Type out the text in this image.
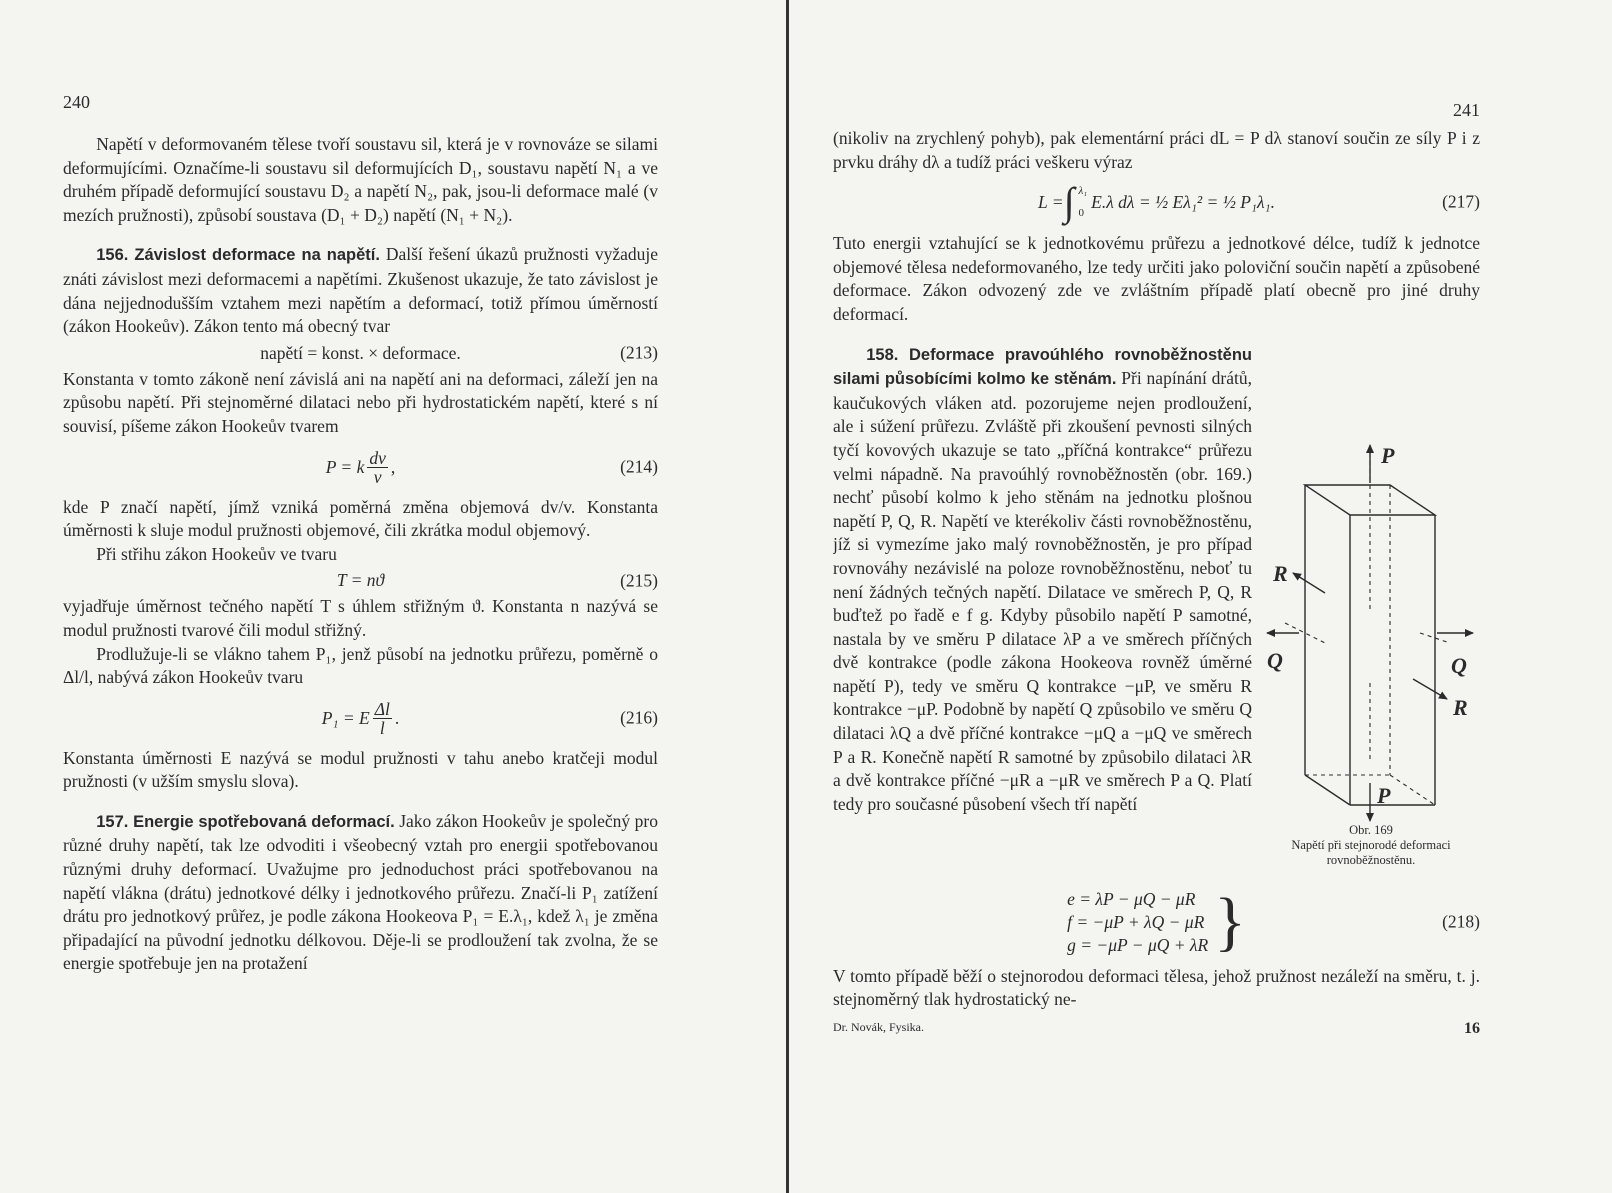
240

Napětí v deformovaném tělese tvoří soustavu sil, která je v rovnováze se silami deformujícími. Označíme-li soustavu sil deformujících D₁, soustavu napětí N₁ a ve druhém případě deformující soustavu D₂ a napětí N₂, pak, jsou-li deformace malé (v mezích pružnosti), způsobí soustava (D₁ + D₂) napětí (N₁ + N₂).

156. Závislost deformace na napětí. Další řešení úkazů pružnosti vyžaduje znáti závislost mezi deformacemi a napětími. Zkušenost ukazuje, že tato závislost je dána nejjednodušším vztahem mezi napětím a deformací, totiž přímou úměrností (zákon Hookeův). Zákon tento má obecný tvar

napětí = konst. × deformace.	(213)

Konstanta v tomto zákoně není závislá ani na napětí ani na deformaci, záleží jen na způsobu napětí. Při stejnoměrné dilataci nebo při hydrostatickém napětí, které s ní souvisí, píšeme zákon Hookeův tvarem

P = k $\frac{dv}{v}$ ,	(214)

kde P značí napětí, jímž vzniká poměrná změna objemová dv/v. Konstanta úměrnosti k sluje modul pružnosti objemové, čili zkrátka modul objemový.

Při střihu zákon Hookeův ve tvaru

T = nϑ	(215)

vyjadřuje úměrnost tečného napětí T s úhlem střižným ϑ. Konstanta n nazývá se modul pružnosti tvarové čili modul střižný.

Prodlužuje-li se vlákno tahem P₁, jenž působí na jednotku průřezu, poměrně o Δl/l, nabývá zákon Hookeův tvaru

P₁ = E $\frac{\Delta l}{l}$ .	(216)

Konstanta úměrnosti E nazývá se modul pružnosti v tahu anebo kratčeji modul pružnosti (v užším smyslu slova).

157. Energie spotřebovaná deformací. Jako zákon Hookeův je společný pro různé druhy napětí, tak lze odvoditi i všeobecný vztah pro energii spotřebovanou různými druhy deformací. Uvažujme pro jednoduchost práci spotřebovanou na napětí vlákna (drátu) jednotkové délky i jednotkového průřezu. Značí-li P₁ zatížení drátu pro jednotkový průřez, je podle zákona Hookeova P₁ = E.λ₁, kdež λ₁ je změna připadající na původní jednotku délkovou. Děje-li se prodloužení tak zvolna, že se energie spotřebuje jen na protažení

241

(nikoliv na zrychlený pohyb), pak elementární práci dL = P dλ stanoví součin ze síly P i z prvku dráhy dλ a tudíž práci veškeru výraz

L = ∫ λ₁
0
E.λ dλ = ½ Eλ₁² = ½ P₁λ₁.	(217)

Tuto energii vztahující se k jednotkovému průřezu a jednotkové délce, tudíž k jednotce objemové tělesa nedeformovaného, lze tedy určiti jako poloviční součin napětí a způsobené deformace. Zákon odvozený zde ve zvláštním případě platí obecně pro jiné druhy deformací.

P
P
Q	Q
R
R
Obr. 169
Napětí při stejnorodé deformaci rovnoběžnostěnu.

158. Deformace pravoúhlého rovnoběžnostěnu silami působícími kolmo ke stěnám. Při napínání drátů, kaučukových vláken atd. pozorujeme nejen prodloužení, ale i súžení průřezu. Zvláště při zkoušení pevnosti silných tyčí kovových ukazuje se tato „příčná kontrakce“ průřezu velmi nápadně. Na pravoúhlý rovnoběžnostěn (obr. 169.) nechť působí kolmo k jeho stěnám na jednotku plošnou napětí P, Q, R. Napětí ve kterékoliv části rovnoběžnostěnu, jíž si vymezíme jako malý rovnoběžnostěn, je pro případ rovnováhy nezávislé na poloze rovnoběžnostěnu, neboť tu není žádných tečných napětí. Dilatace ve směrech P, Q, R buďtež po řadě e f g. Kdyby působilo napětí P samotné, nastala by ve směru P dilatace λP a ve směrech příčných dvě kontrakce (podle zákona Hookeova rovněž úměrné napětí P), tedy ve směru Q kontrakce −μP, ve směru R kontrakce −μP. Podobně by napětí Q způsobilo ve směru Q dilataci λQ a dvě příčné kontrakce −μQ a −μQ ve směrech P a R. Konečně napětí R samotné by způsobilo dilataci λR a dvě kontrakce příčné −μR a −μR ve směrech P a Q. Platí tedy pro současné působení všech tří napětí

e = λP − μQ − μR
f = −μP + λQ − μR
g = −μP − μQ + λR }	(218)

V tomto případě běží o stejnorodou deformaci tělesa, jehož pružnost nezáleží na směru, t. j. stejnoměrný tlak hydrostatický ne-

Dr. Novák, Fysika.	16
